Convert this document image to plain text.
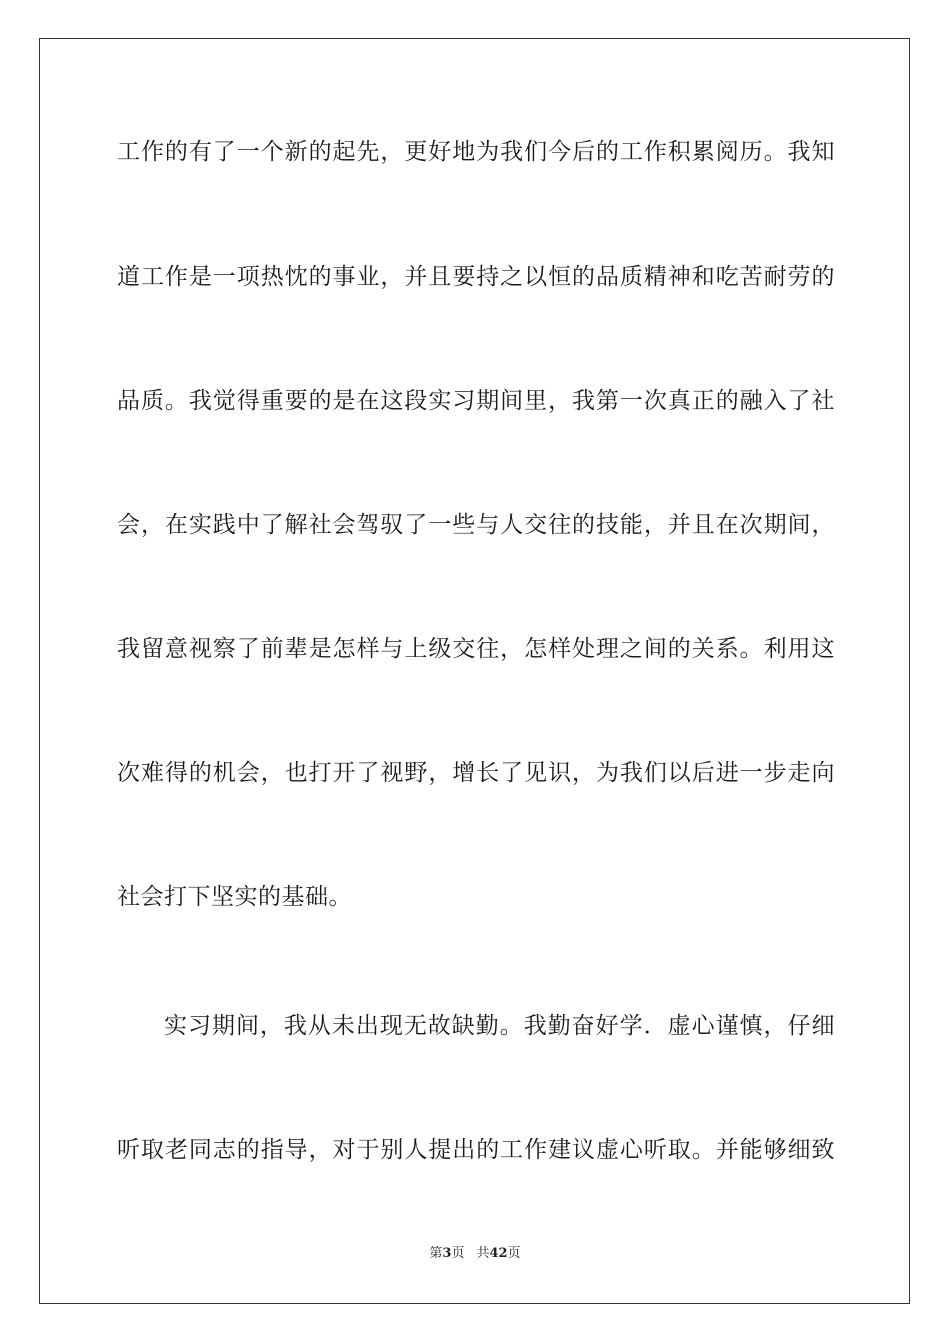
工作的有了一个新的起先，更好地为我们今后的工作积累阅历。我知
道工作是一项热忱的事业，并且要持之以恒的品质精神和吃苦耐劳的
品质。我觉得重要的是在这段实习期间里，我第一次真正的融入了社
会，在实践中了解社会驾驭了一些与人交往的技能，并且在次期间，
我留意视察了前辈是怎样与上级交往，怎样处理之间的关系。利用这
次难得的机会，也打开了视野，增长了见识，为我们以后进一步走向
社会打下坚实的基础。
实习期间，我从未出现无故缺勤。我勤奋好学．虚心谨慎，仔细
听取老同志的指导，对于别人提出的工作建议虚心听取。并能够细致
第3页 共42页
